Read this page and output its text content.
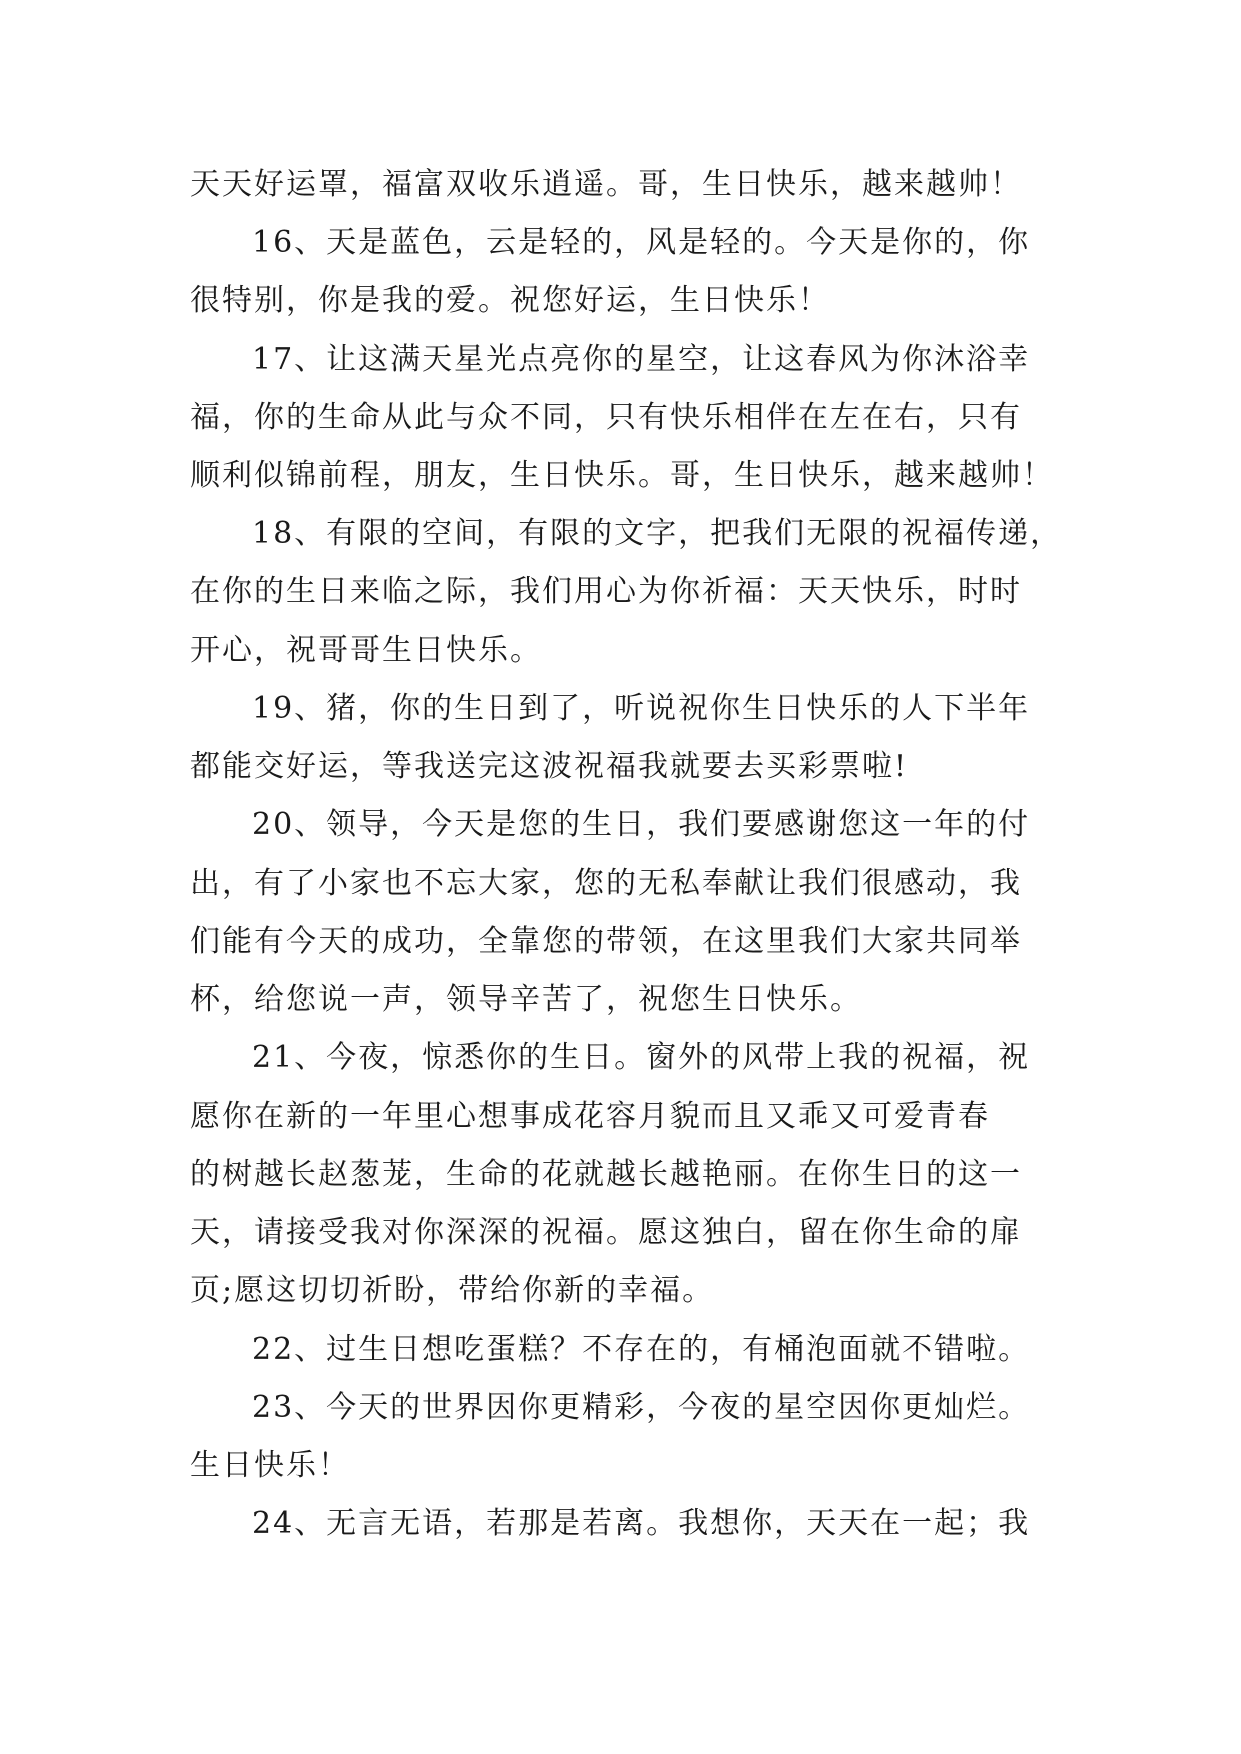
天天好运罩，福富双收乐逍遥。哥，生日快乐，越来越帅！
16、天是蓝色，云是轻的，风是轻的。今天是你的，你
很特别，你是我的爱。祝您好运，生日快乐！
17、让这满天星光点亮你的星空，让这春风为你沐浴幸
福，你的生命从此与众不同，只有快乐相伴在左在右，只有
顺利似锦前程，朋友，生日快乐。哥，生日快乐，越来越帅！
18、有限的空间，有限的文字，把我们无限的祝福传递，
在你的生日来临之际，我们用心为你祈福：天天快乐，时时
开心，祝哥哥生日快乐。
19、猪，你的生日到了，听说祝你生日快乐的人下半年
都能交好运，等我送完这波祝福我就要去买彩票啦!
20、领导，今天是您的生日，我们要感谢您这一年的付
出，有了小家也不忘大家，您的无私奉献让我们很感动，我
们能有今天的成功，全靠您的带领，在这里我们大家共同举
杯，给您说一声，领导辛苦了，祝您生日快乐。
21、今夜，惊悉你的生日。窗外的风带上我的祝福，祝
愿你在新的一年里心想事成花容月貌而且又乖又可爱青春
的树越长赵葱茏，生命的花就越长越艳丽。在你生日的这一
天，请接受我对你深深的祝福。愿这独白，留在你生命的扉
页;愿这切切祈盼，带给你新的幸福。
22、过生日想吃蛋糕？不存在的，有桶泡面就不错啦。
23、今天的世界因你更精彩，今夜的星空因你更灿烂。
生日快乐！
24、无言无语，若那是若离。我想你，天天在一起；我
